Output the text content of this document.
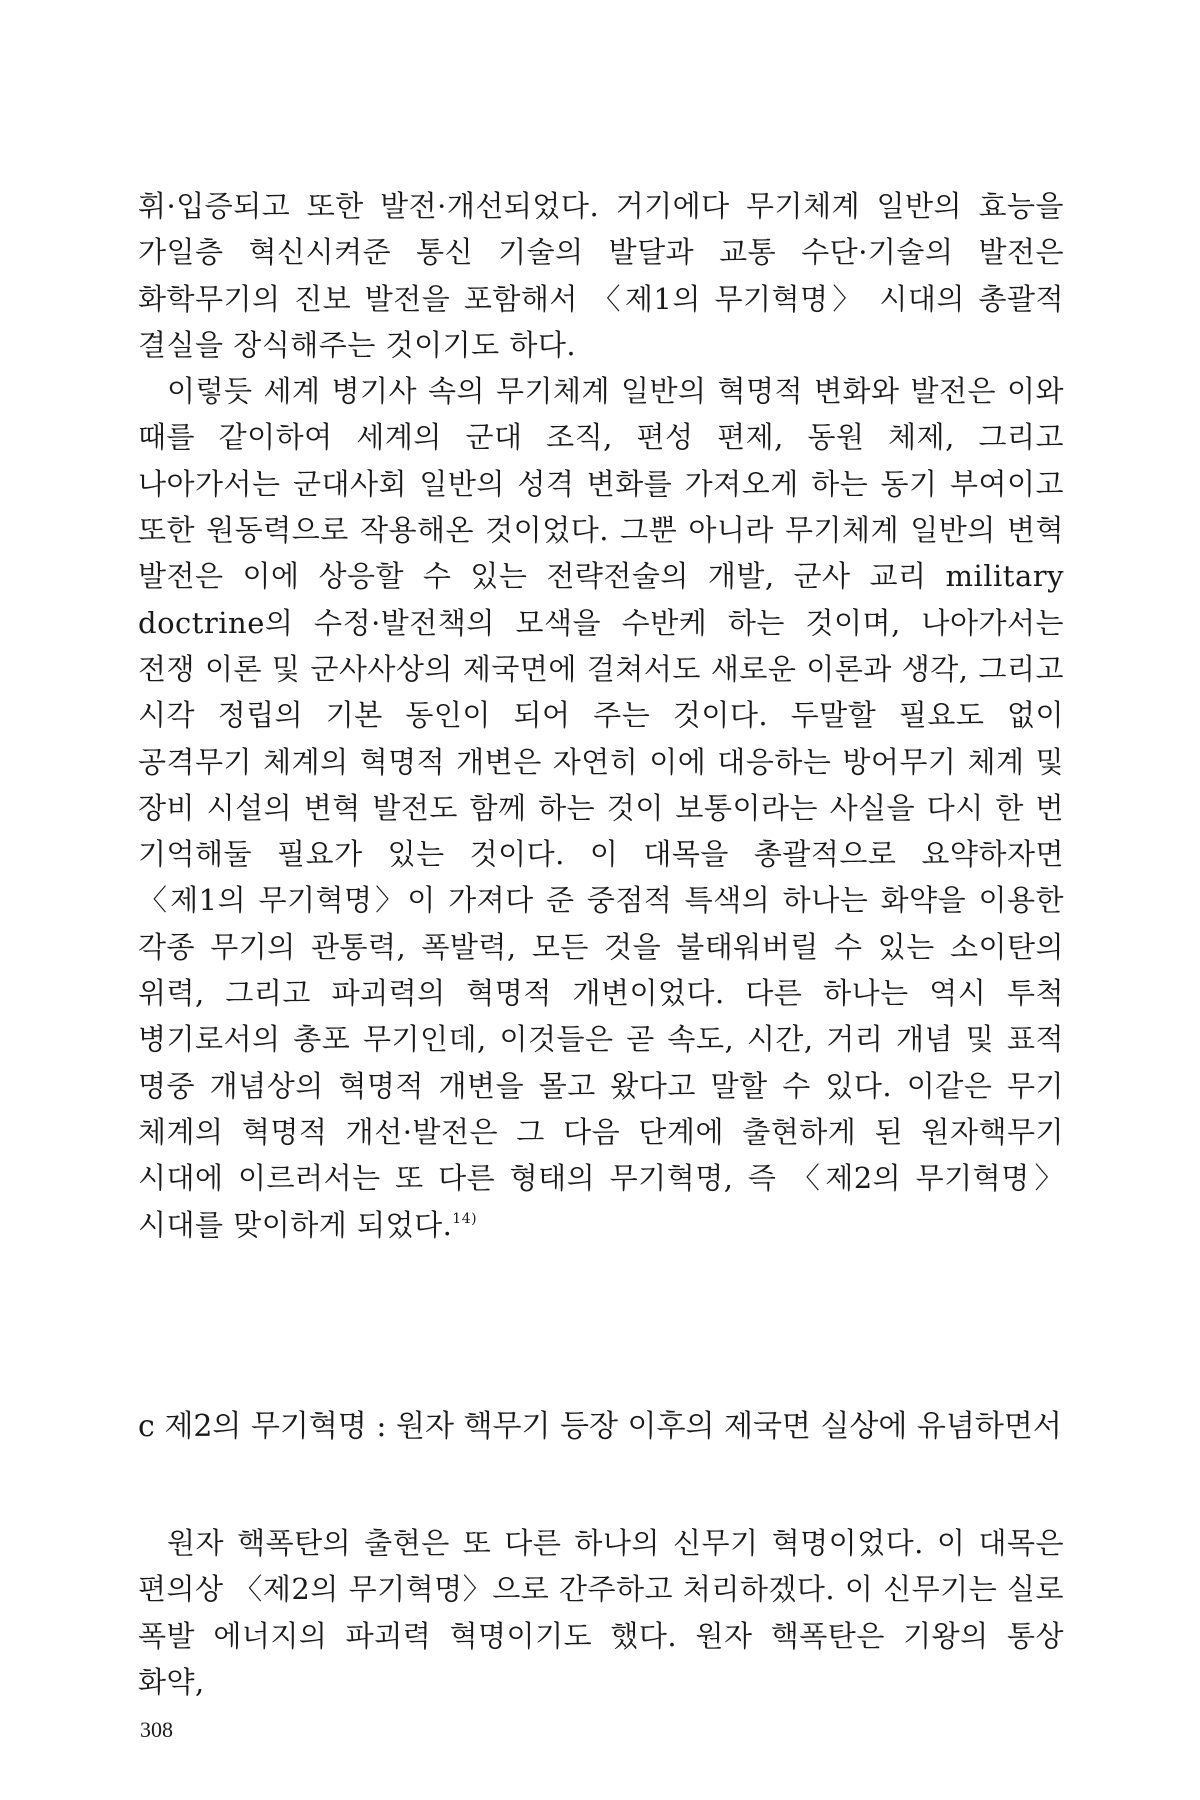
휘·입증되고 또한 발전·개선되었다. 거기에다 무기체계 일반의 효능을 가일층 혁신시켜준 통신 기술의 발달과 교통 수단·기술의 발전은 화학무기의 진보 발전을 포함해서 〈제1의 무기혁명〉 시대의 총괄적 결실을 장식해주는 것이기도 하다.

이렇듯 세계 병기사 속의 무기체계 일반의 혁명적 변화와 발전은 이와 때를 같이하여 세계의 군대 조직, 편성 편제, 동원 체제, 그리고 나아가서는 군대사회 일반의 성격 변화를 가져오게 하는 동기 부여이고 또한 원동력으로 작용해온 것이었다. 그뿐 아니라 무기체계 일반의 변혁 발전은 이에 상응할 수 있는 전략전술의 개발, 군사 교리 military doctrine의 수정·발전책의 모색을 수반케 하는 것이며, 나아가서는 전쟁 이론 및 군사사상의 제국면에 걸쳐서도 새로운 이론과 생각, 그리고 시각 정립의 기본 동인이 되어 주는 것이다. 두말할 필요도 없이 공격무기 체계의 혁명적 개변은 자연히 이에 대응하는 방어무기 체계 및 장비 시설의 변혁 발전도 함께 하는 것이 보통이라는 사실을 다시 한 번 기억해둘 필요가 있는 것이다. 이 대목을 총괄적으로 요약하자면 〈제1의 무기혁명〉이 가져다 준 중점적 특색의 하나는 화약을 이용한 각종 무기의 관통력, 폭발력, 모든 것을 불태워버릴 수 있는 소이탄의 위력, 그리고 파괴력의 혁명적 개변이었다. 다른 하나는 역시 투척 병기로서의 총포 무기인데, 이것들은 곧 속도, 시간, 거리 개념 및 표적 명중 개념상의 혁명적 개변을 몰고 왔다고 말할 수 있다. 이같은 무기 체계의 혁명적 개선·발전은 그 다음 단계에 출현하게 된 원자핵무기 시대에 이르러서는 또 다른 형태의 무기혁명, 즉 〈제2의 무기혁명〉 시대를 맞이하게 되었다.$^{14)}$

c 제2의 무기혁명 : 원자 핵무기 등장 이후의 제국면 실상에 유념하면서

원자 핵폭탄의 출현은 또 다른 하나의 신무기 혁명이었다. 이 대목은 편의상 〈제2의 무기혁명〉으로 간주하고 처리하겠다. 이 신무기는 실로 폭발 에너지의 파괴력 혁명이기도 했다. 원자 핵폭탄은 기왕의 통상 화약,

308
